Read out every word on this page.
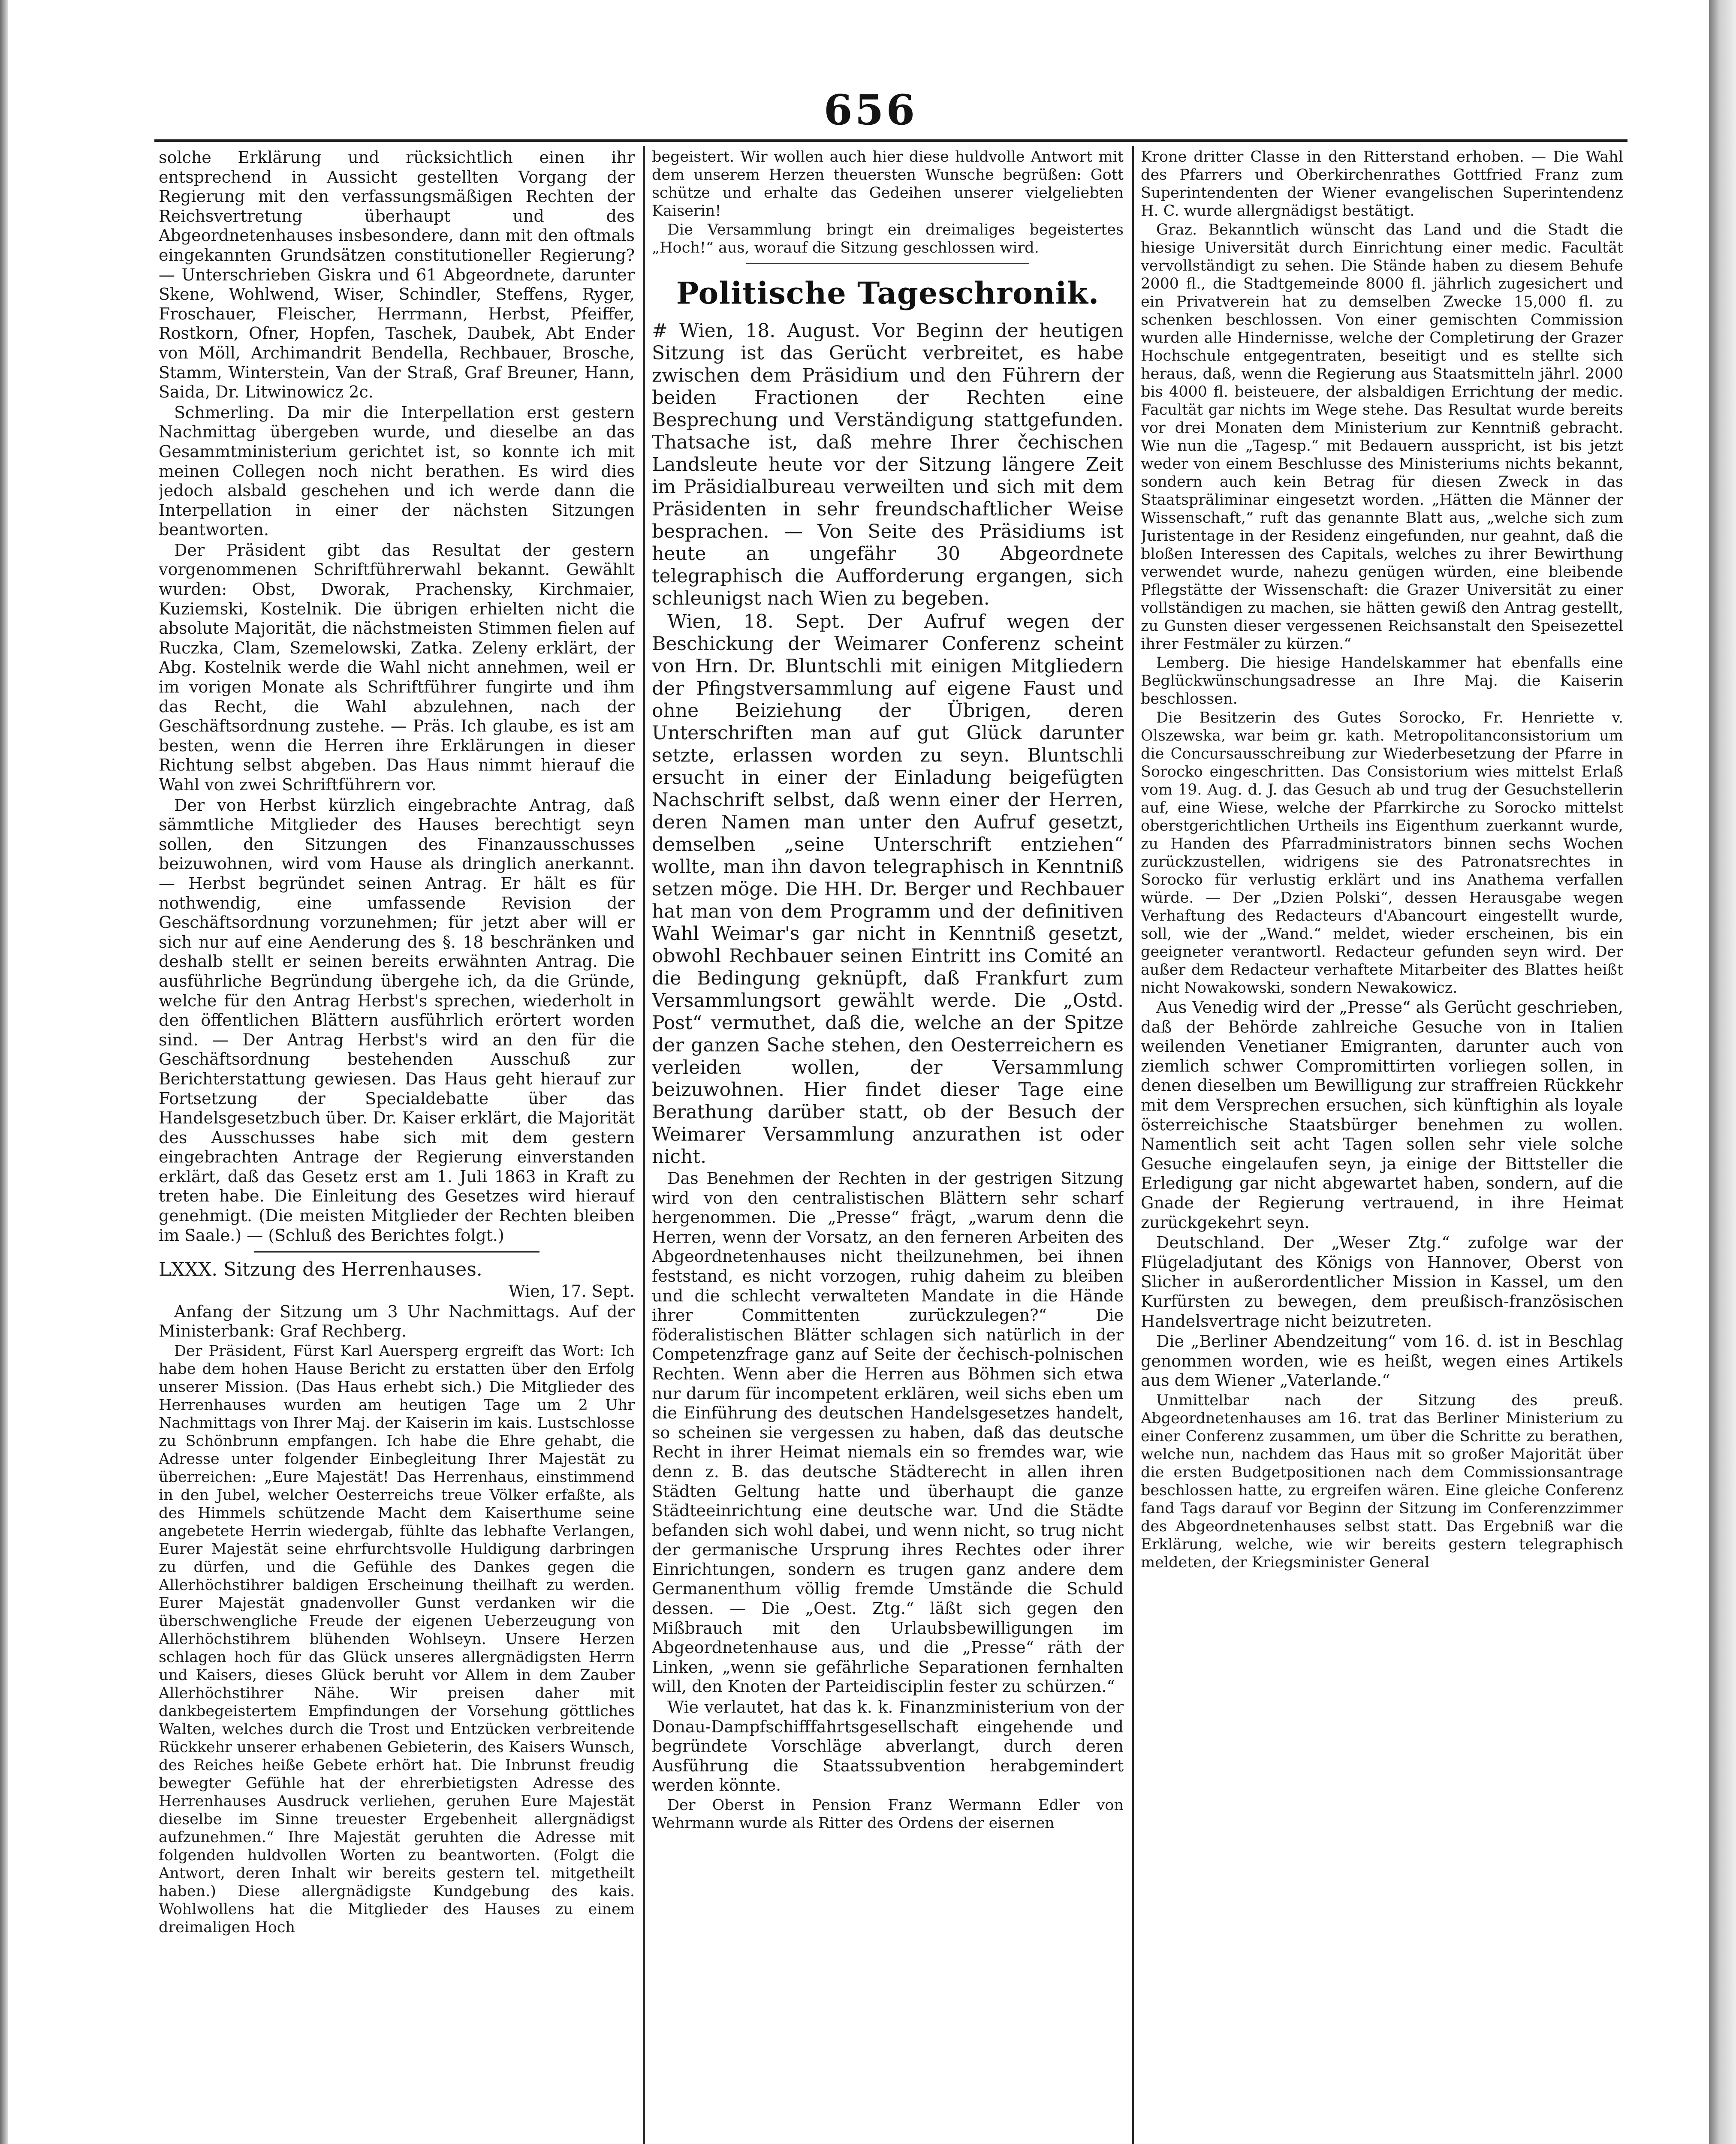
656

solche Erklärung und rücksichtlich einen ihr entsprechend in Aussicht gestellten Vorgang der Regierung mit den verfassungsmäßigen Rechten der Reichsvertretung überhaupt und des Abgeordnetenhauses insbesondere, dann mit den oftmals eingekannten Grundsätzen constitutioneller Regierung? — Unterschrieben Giskra und 61 Abgeordnete, darunter Skene, Wohlwend, Wiser, Schindler, Steffens, Ryger, Froschauer, Fleischer, Herrmann, Herbst, Pfeiffer, Rostkorn, Ofner, Hopfen, Taschek, Daubek, Abt Ender von Möll, Archimandrit Bendella, Rechbauer, Brosche, Stamm, Winterstein, Van der Straß, Graf Breuner, Hann, Saida, Dr. Litwinowicz 2c.

Schmerling. Da mir die Interpellation erst gestern Nachmittag übergeben wurde, und dieselbe an das Gesammtministerium gerichtet ist, so konnte ich mit meinen Collegen noch nicht berathen. Es wird dies jedoch alsbald geschehen und ich werde dann die Interpellation in einer der nächsten Sitzungen beantworten.

Der Präsident gibt das Resultat der gestern vorgenommenen Schriftführerwahl bekannt. Gewählt wurden: Obst, Dworak, Prachensky, Kirchmaier, Kuziemski, Kostelnik. Die übrigen erhielten nicht die absolute Majorität, die nächstmeisten Stimmen fielen auf Ruczka, Clam, Szemelowski, Zatka. Zeleny erklärt, der Abg. Kostelnik werde die Wahl nicht annehmen, weil er im vorigen Monate als Schriftführer fungirte und ihm das Recht, die Wahl abzulehnen, nach der Geschäftsordnung zustehe. — Präs. Ich glaube, es ist am besten, wenn die Herren ihre Erklärungen in dieser Richtung selbst abgeben. Das Haus nimmt hierauf die Wahl von zwei Schriftführern vor.

Der von Herbst kürzlich eingebrachte Antrag, daß sämmtliche Mitglieder des Hauses berechtigt seyn sollen, den Sitzungen des Finanzausschusses beizuwohnen, wird vom Hause als dringlich anerkannt. — Herbst begründet seinen Antrag. Er hält es für nothwendig, eine umfassende Revision der Geschäftsordnung vorzunehmen; für jetzt aber will er sich nur auf eine Aenderung des §. 18 beschränken und deshalb stellt er seinen bereits erwähnten Antrag. Die ausführliche Begründung übergehe ich, da die Gründe, welche für den Antrag Herbst's sprechen, wiederholt in den öffentlichen Blättern ausführlich erörtert worden sind. — Der Antrag Herbst's wird an den für die Geschäftsordnung bestehenden Ausschuß zur Berichterstattung gewiesen. Das Haus geht hierauf zur Fortsetzung der Specialdebatte über das Handelsgesetzbuch über. Dr. Kaiser erklärt, die Majorität des Ausschusses habe sich mit dem gestern eingebrachten Antrage der Regierung einverstanden erklärt, daß das Gesetz erst am 1. Juli 1863 in Kraft zu treten habe. Die Einleitung des Gesetzes wird hierauf genehmigt. (Die meisten Mitglieder der Rechten bleiben im Saale.) — (Schluß des Berichtes folgt.)

LXXX. Sitzung des Herrenhauses.

Wien, 17. Sept.

Anfang der Sitzung um 3 Uhr Nachmittags. Auf der Ministerbank: Graf Rechberg.

Der Präsident, Fürst Karl Auersperg ergreift das Wort: Ich habe dem hohen Hause Bericht zu erstatten über den Erfolg unserer Mission. (Das Haus erhebt sich.) Die Mitglieder des Herrenhauses wurden am heutigen Tage um 2 Uhr Nachmittags von Ihrer Maj. der Kaiserin im kais. Lustschlosse zu Schönbrunn empfangen. Ich habe die Ehre gehabt, die Adresse unter folgender Einbegleitung Ihrer Majestät zu überreichen: „Eure Majestät! Das Herrenhaus, einstimmend in den Jubel, welcher Oesterreichs treue Völker erfaßte, als des Himmels schützende Macht dem Kaiserthume seine angebetete Herrin wiedergab, fühlte das lebhafte Verlangen, Eurer Majestät seine ehrfurchtsvolle Huldigung darbringen zu dürfen, und die Gefühle des Dankes gegen die Allerhöchstihrer baldigen Erscheinung theilhaft zu werden. Eurer Majestät gnadenvoller Gunst verdanken wir die überschwengliche Freude der eigenen Ueberzeugung von Allerhöchstihrem blühenden Wohlseyn. Unsere Herzen schlagen hoch für das Glück unseres allergnädigsten Herrn und Kaisers, dieses Glück beruht vor Allem in dem Zauber Allerhöchstihrer Nähe. Wir preisen daher mit dankbegeistertem Empfindungen der Vorsehung göttliches Walten, welches durch die Trost und Entzücken verbreitende Rückkehr unserer erhabenen Gebieterin, des Kaisers Wunsch, des Reiches heiße Gebete erhört hat. Die Inbrunst freudig bewegter Gefühle hat der ehrerbietigsten Adresse des Herrenhauses Ausdruck verliehen, geruhen Eure Majestät dieselbe im Sinne treuester Ergebenheit allergnädigst aufzunehmen.“ Ihre Majestät geruhten die Adresse mit folgenden huldvollen Worten zu beantworten. (Folgt die Antwort, deren Inhalt wir bereits gestern tel. mitgetheilt haben.) Diese allergnädigste Kundgebung des kais. Wohlwollens hat die Mitglieder des Hauses zu einem dreimaligen Hoch

begeistert. Wir wollen auch hier diese huldvolle Antwort mit dem unserem Herzen theuersten Wunsche begrüßen: Gott schütze und erhalte das Gedeihen unserer vielgeliebten Kaiserin!

Die Versammlung bringt ein dreimaliges begeistertes „Hoch!“ aus, worauf die Sitzung geschlossen wird.

Politische Tageschronik.

# Wien, 18. August. Vor Beginn der heutigen Sitzung ist das Gerücht verbreitet, es habe zwischen dem Präsidium und den Führern der beiden Fractionen der Rechten eine Besprechung und Verständigung stattgefunden. Thatsache ist, daß mehre Ihrer čechischen Landsleute heute vor der Sitzung längere Zeit im Präsidialbureau verweilten und sich mit dem Präsidenten in sehr freundschaftlicher Weise besprachen. — Von Seite des Präsidiums ist heute an ungefähr 30 Abgeordnete telegraphisch die Aufforderung ergangen, sich schleunigst nach Wien zu begeben.

Wien, 18. Sept. Der Aufruf wegen der Beschickung der Weimarer Conferenz scheint von Hrn. Dr. Bluntschli mit einigen Mitgliedern der Pfingstversammlung auf eigene Faust und ohne Beiziehung der Übrigen, deren Unterschriften man auf gut Glück darunter setzte, erlassen worden zu seyn. Bluntschli ersucht in einer der Einladung beigefügten Nachschrift selbst, daß wenn einer der Herren, deren Namen man unter den Aufruf gesetzt, demselben „seine Unterschrift entziehen“ wollte, man ihn davon telegraphisch in Kenntniß setzen möge. Die HH. Dr. Berger und Rechbauer hat man von dem Programm und der definitiven Wahl Weimar's gar nicht in Kenntniß gesetzt, obwohl Rechbauer seinen Eintritt ins Comité an die Bedingung geknüpft, daß Frankfurt zum Versammlungsort gewählt werde. Die „Ostd. Post“ vermuthet, daß die, welche an der Spitze der ganzen Sache stehen, den Oesterreichern es verleiden wollen, der Versammlung beizuwohnen. Hier findet dieser Tage eine Berathung darüber statt, ob der Besuch der Weimarer Versammlung anzurathen ist oder nicht.

Das Benehmen der Rechten in der gestrigen Sitzung wird von den centralistischen Blättern sehr scharf hergenommen. Die „Presse“ frägt, „warum denn die Herren, wenn der Vorsatz, an den ferneren Arbeiten des Abgeordnetenhauses nicht theilzunehmen, bei ihnen feststand, es nicht vorzogen, ruhig daheim zu bleiben und die schlecht verwalteten Mandate in die Hände ihrer Committenten zurückzulegen?“ Die föderalistischen Blätter schlagen sich natürlich in der Competenzfrage ganz auf Seite der čechisch-polnischen Rechten. Wenn aber die Herren aus Böhmen sich etwa nur darum für incompetent erklären, weil sichs eben um die Einführung des deutschen Handelsgesetzes handelt, so scheinen sie vergessen zu haben, daß das deutsche Recht in ihrer Heimat niemals ein so fremdes war, wie denn z. B. das deutsche Städterecht in allen ihren Städten Geltung hatte und überhaupt die ganze Städteeinrichtung eine deutsche war. Und die Städte befanden sich wohl dabei, und wenn nicht, so trug nicht der germanische Ursprung ihres Rechtes oder ihrer Einrichtungen, sondern es trugen ganz andere dem Germanenthum völlig fremde Umstände die Schuld dessen. — Die „Oest. Ztg.“ läßt sich gegen den Mißbrauch mit den Urlaubsbewilligungen im Abgeordnetenhause aus, und die „Presse“ räth der Linken, „wenn sie gefährliche Separationen fernhalten will, den Knoten der Parteidisciplin fester zu schürzen.“

Wie verlautet, hat das k. k. Finanzministerium von der Donau-Dampfschifffahrtsgesellschaft eingehende und begründete Vorschläge abverlangt, durch deren Ausführung die Staatssubvention herabgemindert werden könnte.

Der Oberst in Pension Franz Wermann Edler von Wehrmann wurde als Ritter des Ordens der eisernen

Krone dritter Classe in den Ritterstand erhoben. — Die Wahl des Pfarrers und Oberkirchenrathes Gottfried Franz zum Superintendenten der Wiener evangelischen Superintendenz H. C. wurde allergnädigst bestätigt.

Graz. Bekanntlich wünscht das Land und die Stadt die hiesige Universität durch Einrichtung einer medic. Facultät vervollständigt zu sehen. Die Stände haben zu diesem Behufe 2000 fl., die Stadtgemeinde 8000 fl. jährlich zugesichert und ein Privatverein hat zu demselben Zwecke 15,000 fl. zu schenken beschlossen. Von einer gemischten Commission wurden alle Hindernisse, welche der Completirung der Grazer Hochschule entgegentraten, beseitigt und es stellte sich heraus, daß, wenn die Regierung aus Staatsmitteln jährl. 2000 bis 4000 fl. beisteuere, der alsbaldigen Errichtung der medic. Facultät gar nichts im Wege stehe. Das Resultat wurde bereits vor drei Monaten dem Ministerium zur Kenntniß gebracht. Wie nun die „Tagesp.“ mit Bedauern ausspricht, ist bis jetzt weder von einem Beschlusse des Ministeriums nichts bekannt, sondern auch kein Betrag für diesen Zweck in das Staatspräliminar eingesetzt worden. „Hätten die Männer der Wissenschaft,“ ruft das genannte Blatt aus, „welche sich zum Juristentage in der Residenz eingefunden, nur geahnt, daß die bloßen Interessen des Capitals, welches zu ihrer Bewirthung verwendet wurde, nahezu genügen würden, eine bleibende Pflegstätte der Wissenschaft: die Grazer Universität zu einer vollständigen zu machen, sie hätten gewiß den Antrag gestellt, zu Gunsten dieser vergessenen Reichsanstalt den Speisezettel ihrer Festmäler zu kürzen.“

Lemberg. Die hiesige Handelskammer hat ebenfalls eine Beglückwünschungsadresse an Ihre Maj. die Kaiserin beschlossen.

Die Besitzerin des Gutes Sorocko, Fr. Henriette v. Olszewska, war beim gr. kath. Metropolitanconsistorium um die Concursausschreibung zur Wiederbesetzung der Pfarre in Sorocko eingeschritten. Das Consistorium wies mittelst Erlaß vom 19. Aug. d. J. das Gesuch ab und trug der Gesuchstellerin auf, eine Wiese, welche der Pfarrkirche zu Sorocko mittelst oberstgerichtlichen Urtheils ins Eigenthum zuerkannt wurde, zu Handen des Pfarradministrators binnen sechs Wochen zurückzustellen, widrigens sie des Patronatsrechtes in Sorocko für verlustig erklärt und ins Anathema verfallen würde. — Der „Dzien Polski“, dessen Herausgabe wegen Verhaftung des Redacteurs d'Abancourt eingestellt wurde, soll, wie der „Wand.“ meldet, wieder erscheinen, bis ein geeigneter verantwortl. Redacteur gefunden seyn wird. Der außer dem Redacteur verhaftete Mitarbeiter des Blattes heißt nicht Nowakowski, sondern Newakowicz.

Aus Venedig wird der „Presse“ als Gerücht geschrieben, daß der Behörde zahlreiche Gesuche von in Italien weilenden Venetianer Emigranten, darunter auch von ziemlich schwer Compromittirten vorliegen sollen, in denen dieselben um Bewilligung zur straffreien Rückkehr mit dem Versprechen ersuchen, sich künftighin als loyale österreichische Staatsbürger benehmen zu wollen. Namentlich seit acht Tagen sollen sehr viele solche Gesuche eingelaufen seyn, ja einige der Bittsteller die Erledigung gar nicht abgewartet haben, sondern, auf die Gnade der Regierung vertrauend, in ihre Heimat zurückgekehrt seyn.

Deutschland. Der „Weser Ztg.“ zufolge war der Flügeladjutant des Königs von Hannover, Oberst von Slicher in außerordentlicher Mission in Kassel, um den Kurfürsten zu bewegen, dem preußisch-französischen Handelsvertrage nicht beizutreten.

Die „Berliner Abendzeitung“ vom 16. d. ist in Beschlag genommen worden, wie es heißt, wegen eines Artikels aus dem Wiener „Vaterlande.“

Unmittelbar nach der Sitzung des preuß. Abgeordnetenhauses am 16. trat das Berliner Ministerium zu einer Conferenz zusammen, um über die Schritte zu berathen, welche nun, nachdem das Haus mit so großer Majorität über die ersten Budgetpositionen nach dem Commissionsantrage beschlossen hatte, zu ergreifen wären. Eine gleiche Conferenz fand Tags darauf vor Beginn der Sitzung im Conferenzzimmer des Abgeordnetenhauses selbst statt. Das Ergebniß war die Erklärung, welche, wie wir bereits gestern telegraphisch meldeten, der Kriegsminister General
